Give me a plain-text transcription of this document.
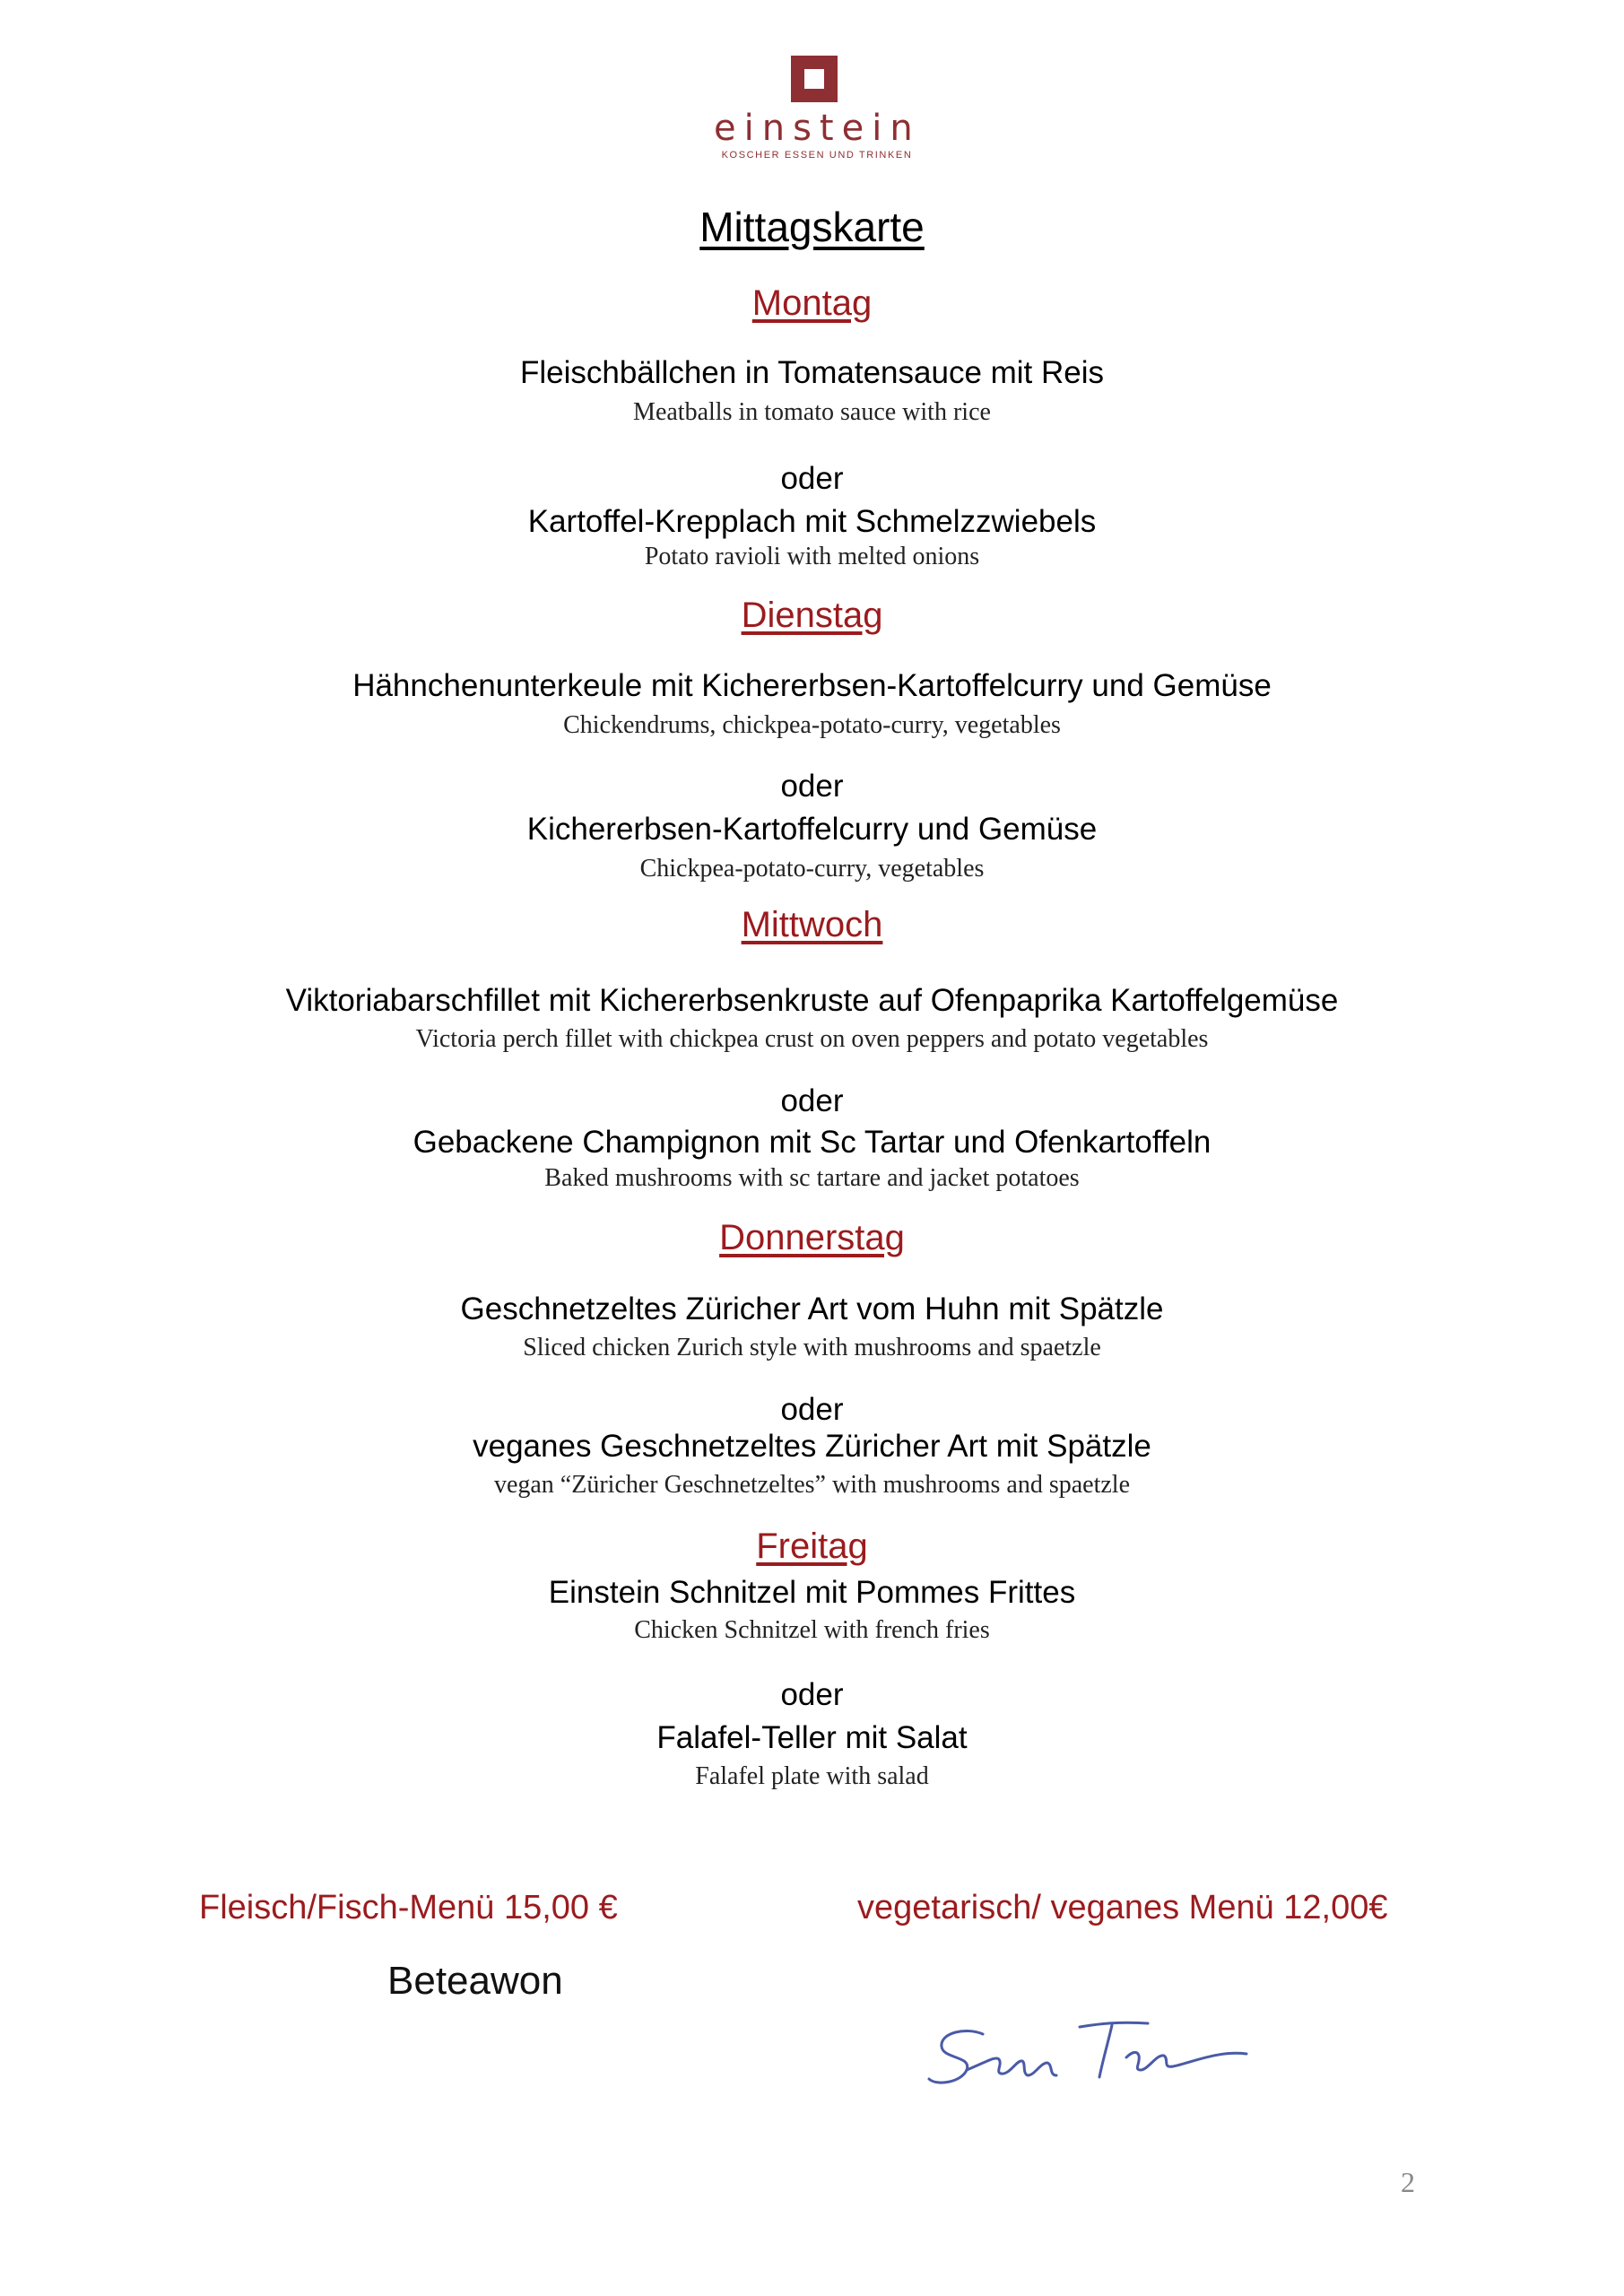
einstein
KOSCHER ESSEN UND TRINKEN
Mittagskarte
Montag
Fleischbällchen in Tomatensauce mit Reis
Meatballs in tomato sauce with rice
oder
Kartoffel-Krepplach mit Schmelzzwiebels
Potato ravioli with melted onions
Dienstag
Hähnchenunterkeule mit Kichererbsen-Kartoffelcurry und Gemüse
Chickendrums, chickpea-potato-curry, vegetables
oder
Kichererbsen-Kartoffelcurry und Gemüse
Chickpea-potato-curry, vegetables
Mittwoch
Viktoriabarschfillet mit Kichererbsenkruste auf Ofenpaprika Kartoffelgemüse
Victoria perch fillet with chickpea crust on oven peppers and potato vegetables
oder
Gebackene Champignon mit Sc Tartar und Ofenkartoffeln
Baked mushrooms with sc tartare and jacket potatoes
Donnerstag
Geschnetzeltes Züricher Art vom Huhn mit Spätzle
Sliced chicken Zurich style with mushrooms and spaetzle
oder
veganes Geschnetzeltes Züricher Art mit Spätzle
vegan “Züricher Geschnetzeltes” with mushrooms and spaetzle
Freitag
Einstein Schnitzel mit Pommes Frittes
Chicken Schnitzel with french fries
oder
Falafel-Teller mit Salat
Falafel plate with salad
Fleisch/Fisch-Menü 15,00 €	vegetarisch/ veganes Menü 12,00€
Beteawon
2
